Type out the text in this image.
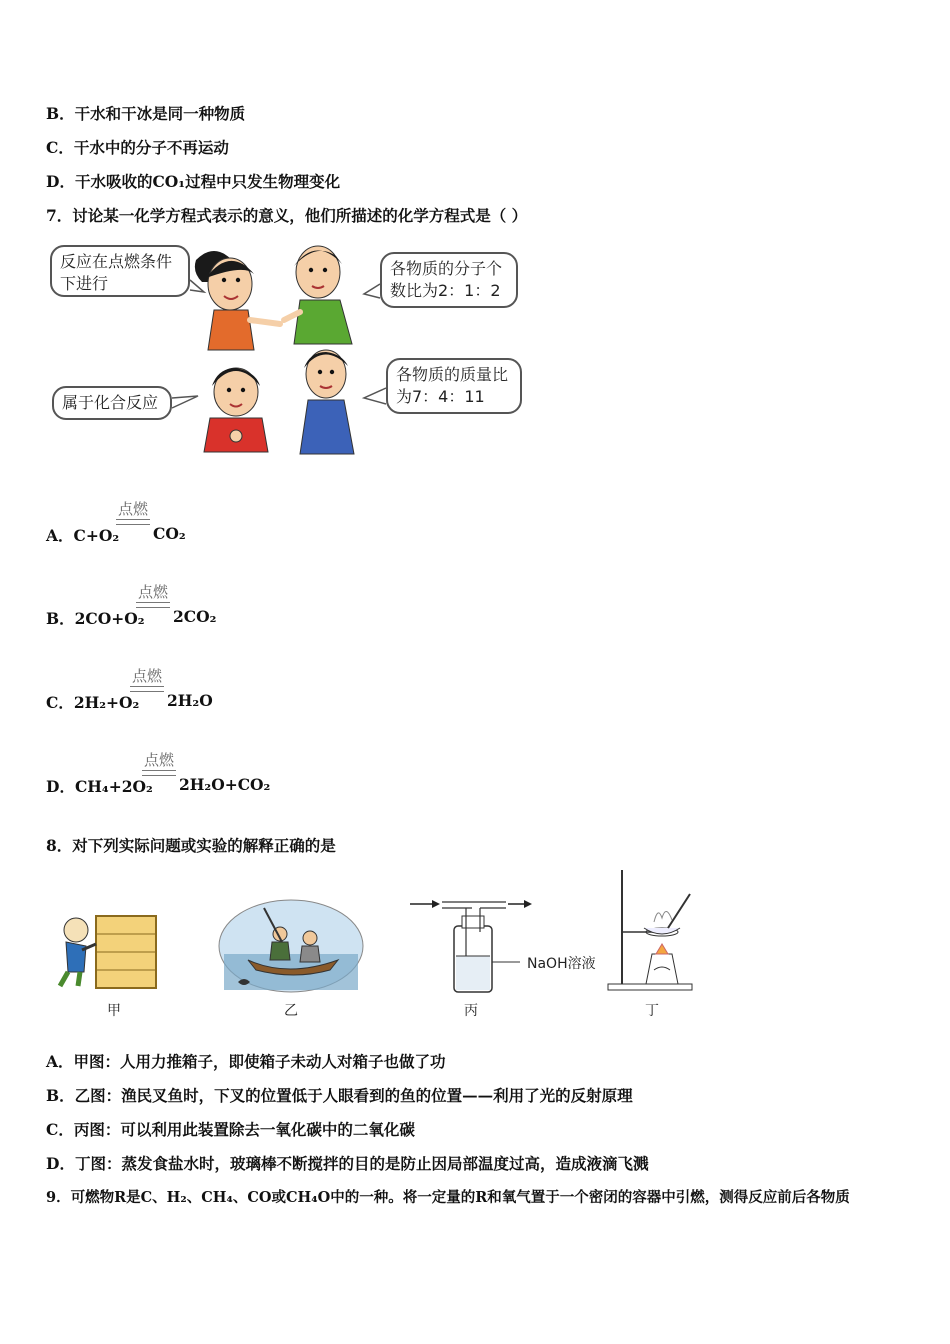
B．干水和干冰是同一种物质
C．干水中的分子不再运动
D．干水吸收的CO₁过程中只发生物理变化
7．讨论某一化学方程式表示的意义，他们所描述的化学方程式是（ ）
反应在点燃条件下进行
各物质的分子个数比为2：1：2
属于化合反应
各物质的质量比为7：4：11
点燃
A．C+O₂ CO₂
点燃
B．2CO+O₂ 2CO₂
点燃
C．2H₂+O₂ 2H₂O
点燃
D．CH₄+2O₂ 2H₂O+CO₂
8．对下列实际问题或实验的解释正确的是
甲	乙
NaOH溶液
丙	丁
A．甲图：人用力推箱子，即使箱子未动人对箱子也做了功
B．乙图：渔民叉鱼时，下叉的位置低于人眼看到的鱼的位置——利用了光的反射原理
C．丙图：可以利用此装置除去一氧化碳中的二氧化碳
D．丁图：蒸发食盐水时，玻璃棒不断搅拌的目的是防止因局部温度过高，造成液滴飞溅
9．可燃物R是C、H₂、CH₄、CO或CH₄O中的一种。将一定量的R和氧气置于一个密闭的容器中引燃，测得反应前后各物质
